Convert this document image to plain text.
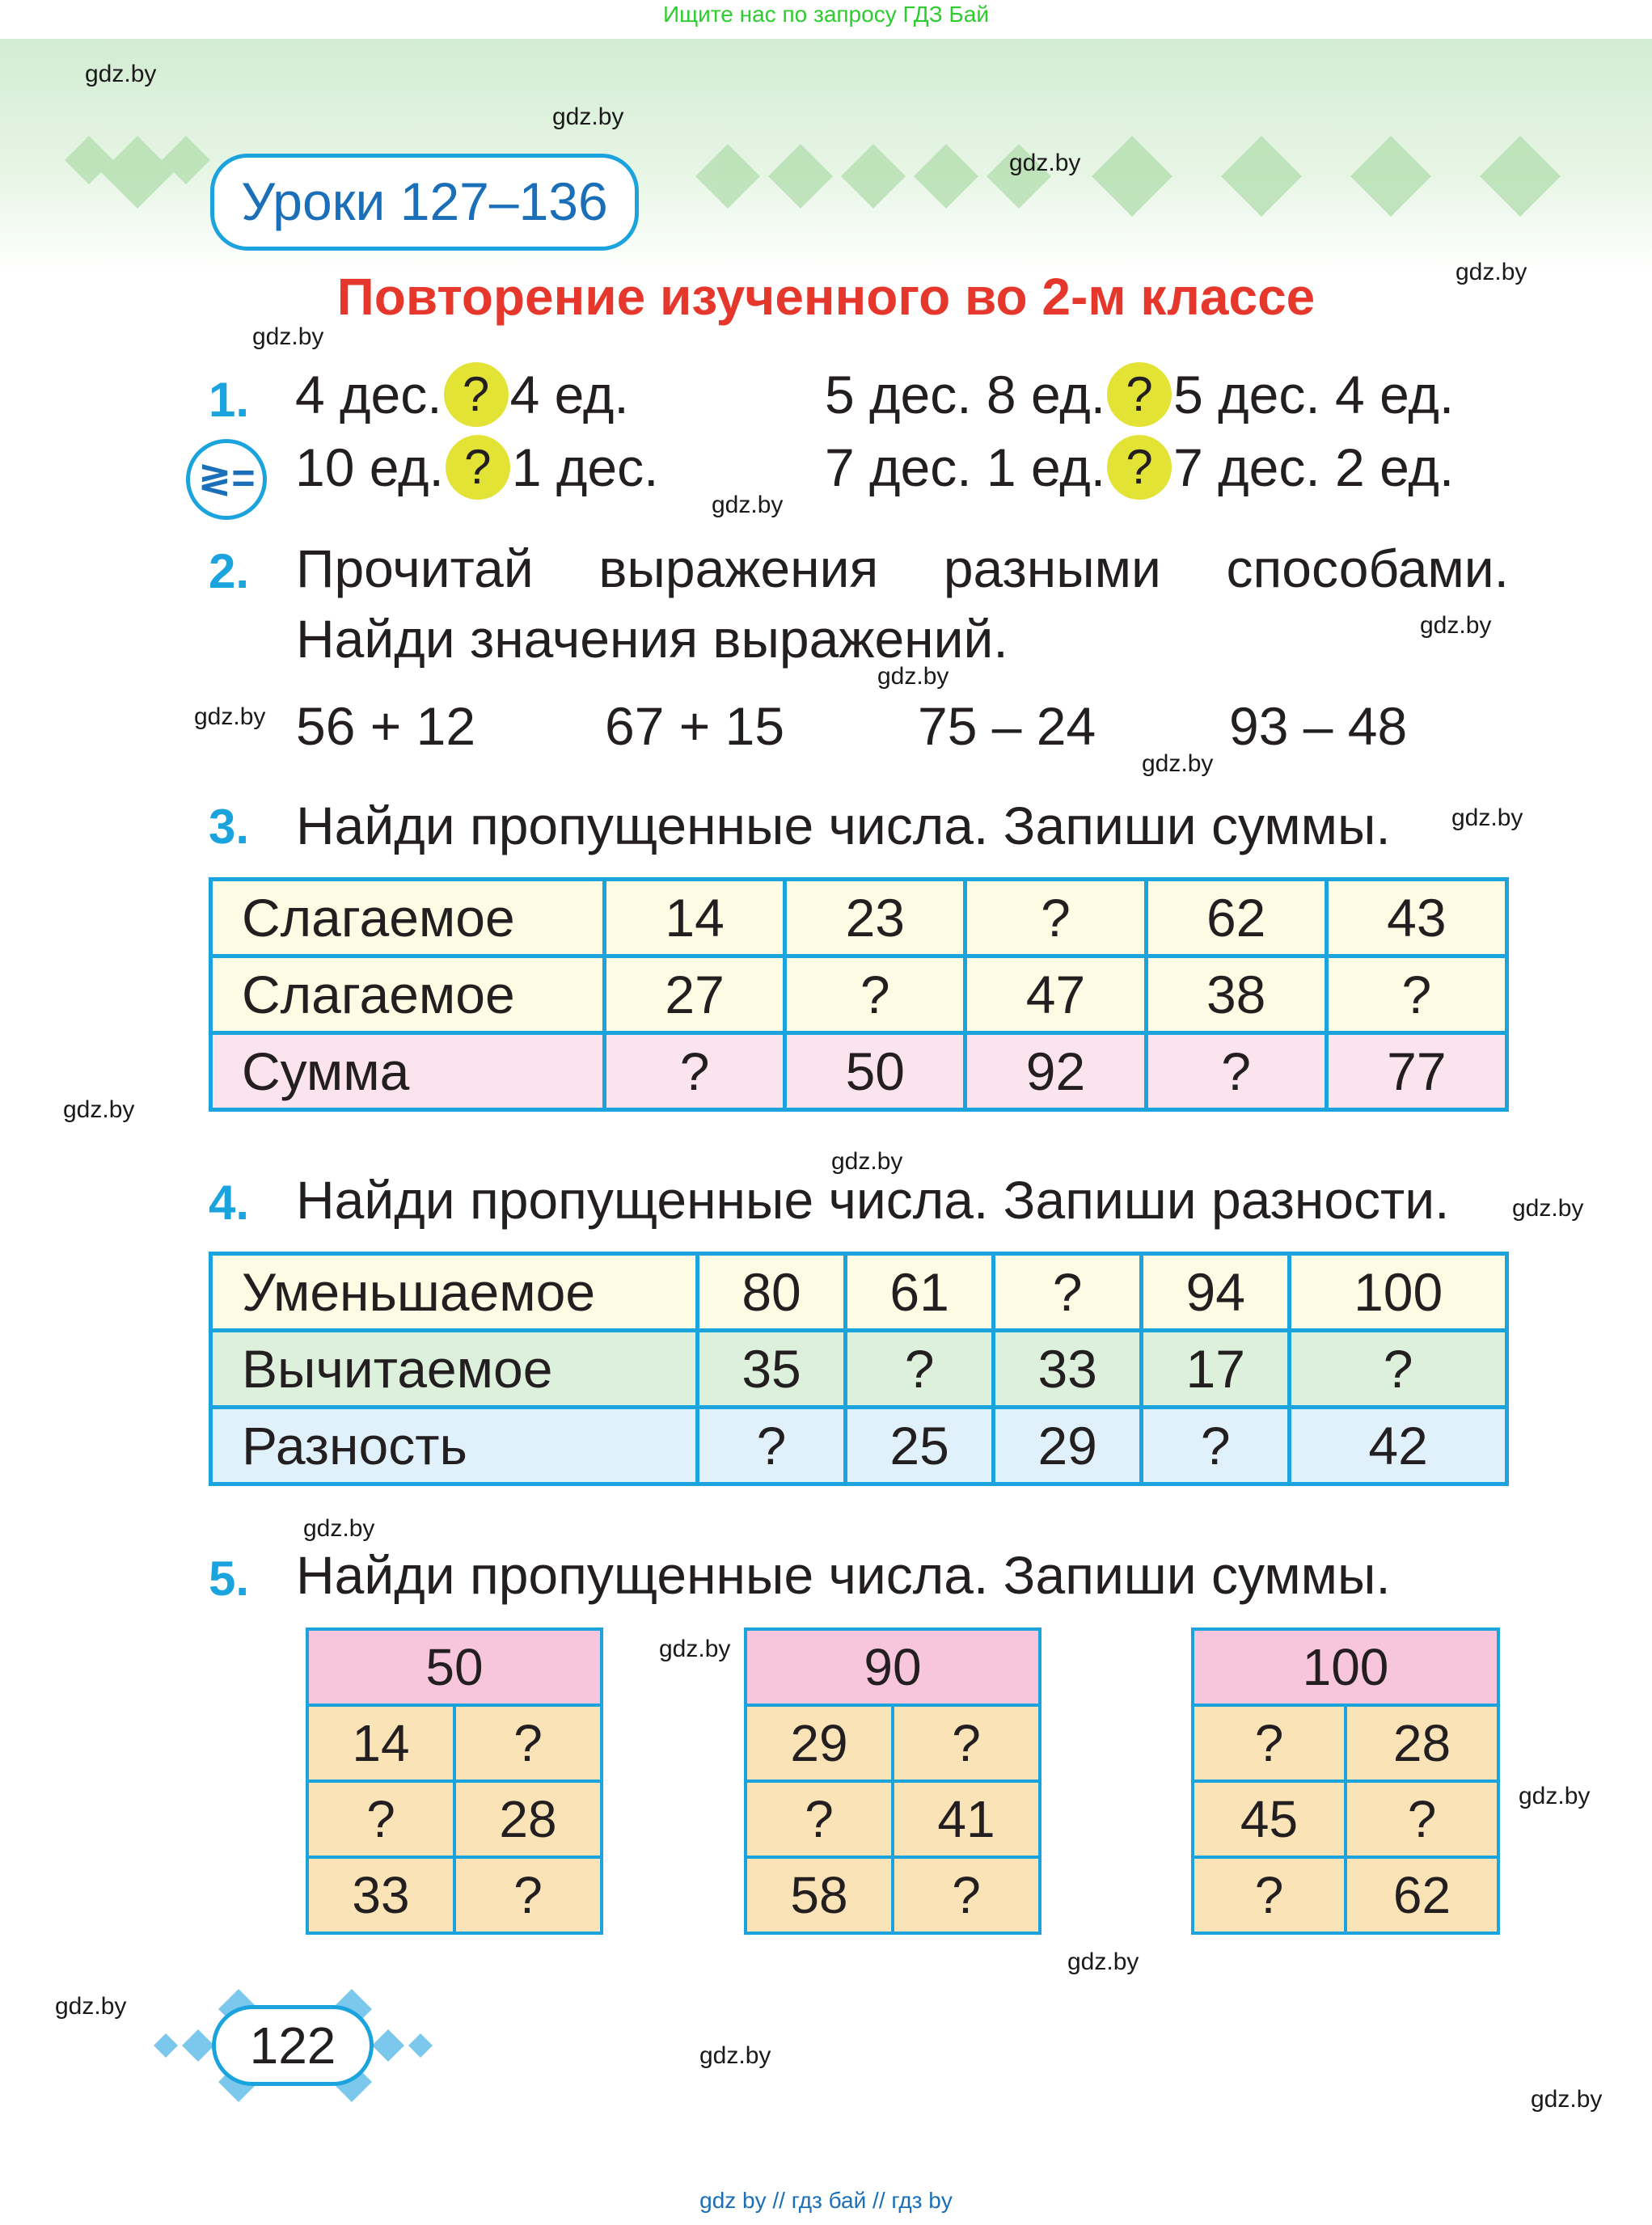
Ищите нас по запросу ГДЗ Бай
gdz.by
gdz.by
gdz.by
gdz.by
gdz.by
gdz.by
gdz.by
gdz.by
gdz.by
gdz.by
gdz.by
gdz.by
gdz.by
gdz.by
gdz.by
gdz.by
gdz.by
gdz.by
gdz.by
gdz.by
gdz.by
Уроки 127–136
Повторение изученного во 2-м классе
1.
≷=
4 дес. ? 4 ед.	5 дес. 8 ед. ? 5 дес. 4 ед.
10 ед. ? 1 дес.	7 дес. 1 ед. ? 7 дес. 2 ед.
2. Прочитай выражения разными способами.
Найди значения выражений.
56 + 12 67 + 15 75 – 24 93 – 48
3. Найди пропущенные числа. Запиши суммы.
Слагаемое	14	23	?	62	43
Слагаемое	27	?	47	38	?
Сумма	?	50	92	?	77
4. Найди пропущенные числа. Запиши разности.
Уменьшаемое	80	61	?	94	100
Вычитаемое	35	?	33	17	?
Разность	?	25	29	?	42
5. Найди пропущенные числа. Запиши суммы.
50	
14	?
?	28
33	?
90	
29	?
?	41
58	?
100	
?	28
45	?
?	62
122
gdz by // гдз бай // гдз by
